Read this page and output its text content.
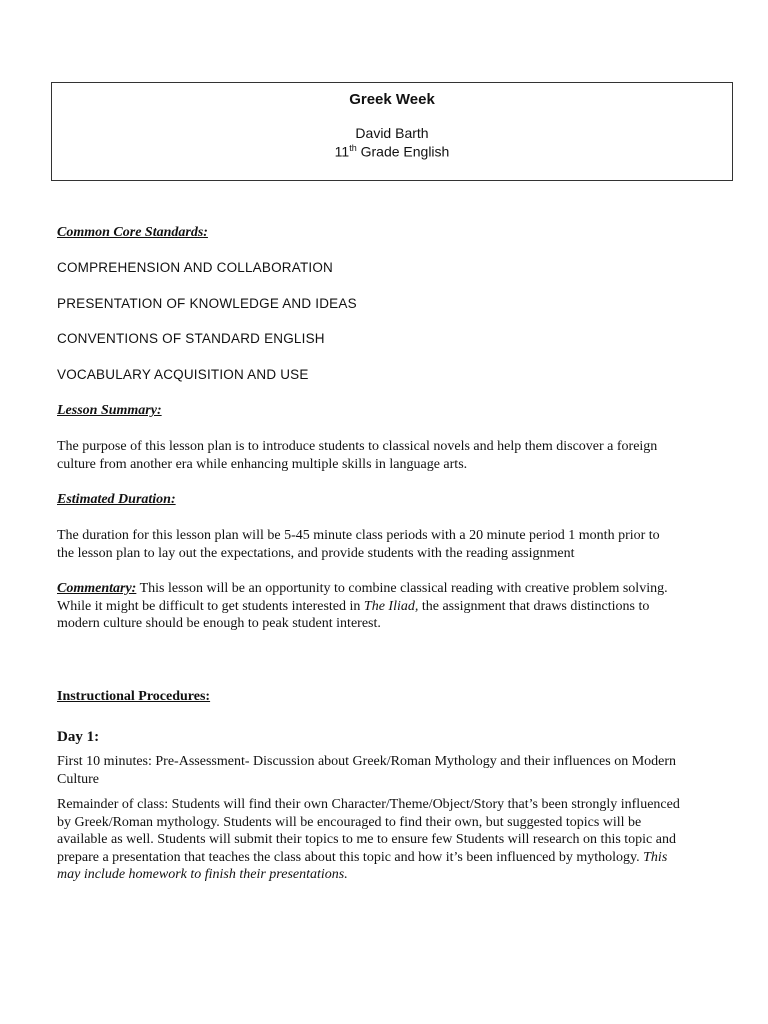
Greek Week
David Barth
11th Grade English
Common Core Standards:
COMPREHENSION AND COLLABORATION
PRESENTATION OF KNOWLEDGE AND IDEAS
CONVENTIONS OF STANDARD ENGLISH
VOCABULARY ACQUISITION AND USE
Lesson Summary:
The purpose of this lesson plan is to introduce students to classical novels and help them discover a foreign
culture from another era while enhancing multiple skills in language arts.
Estimated Duration:
The duration for this lesson plan will be 5-45 minute class periods with a 20 minute period 1 month prior to
the lesson plan to lay out the expectations, and provide students with the reading assignment
Commentary: This lesson will be an opportunity to combine classical reading with creative problem solving.
While it might be difficult to get students interested in The Iliad, the assignment that draws distinctions to
modern culture should be enough to peak student interest.
Instructional Procedures:
Day 1:
First 10 minutes: Pre-Assessment- Discussion about Greek/Roman Mythology and their influences on Modern
Culture
Remainder of class: Students will find their own Character/Theme/Object/Story that’s been strongly influenced
by Greek/Roman mythology. Students will be encouraged to find their own, but suggested topics will be
available as well. Students will submit their topics to me to ensure few Students will research on this topic and
prepare a presentation that teaches the class about this topic and how it’s been influenced by mythology. This
may include homework to finish their presentations.
